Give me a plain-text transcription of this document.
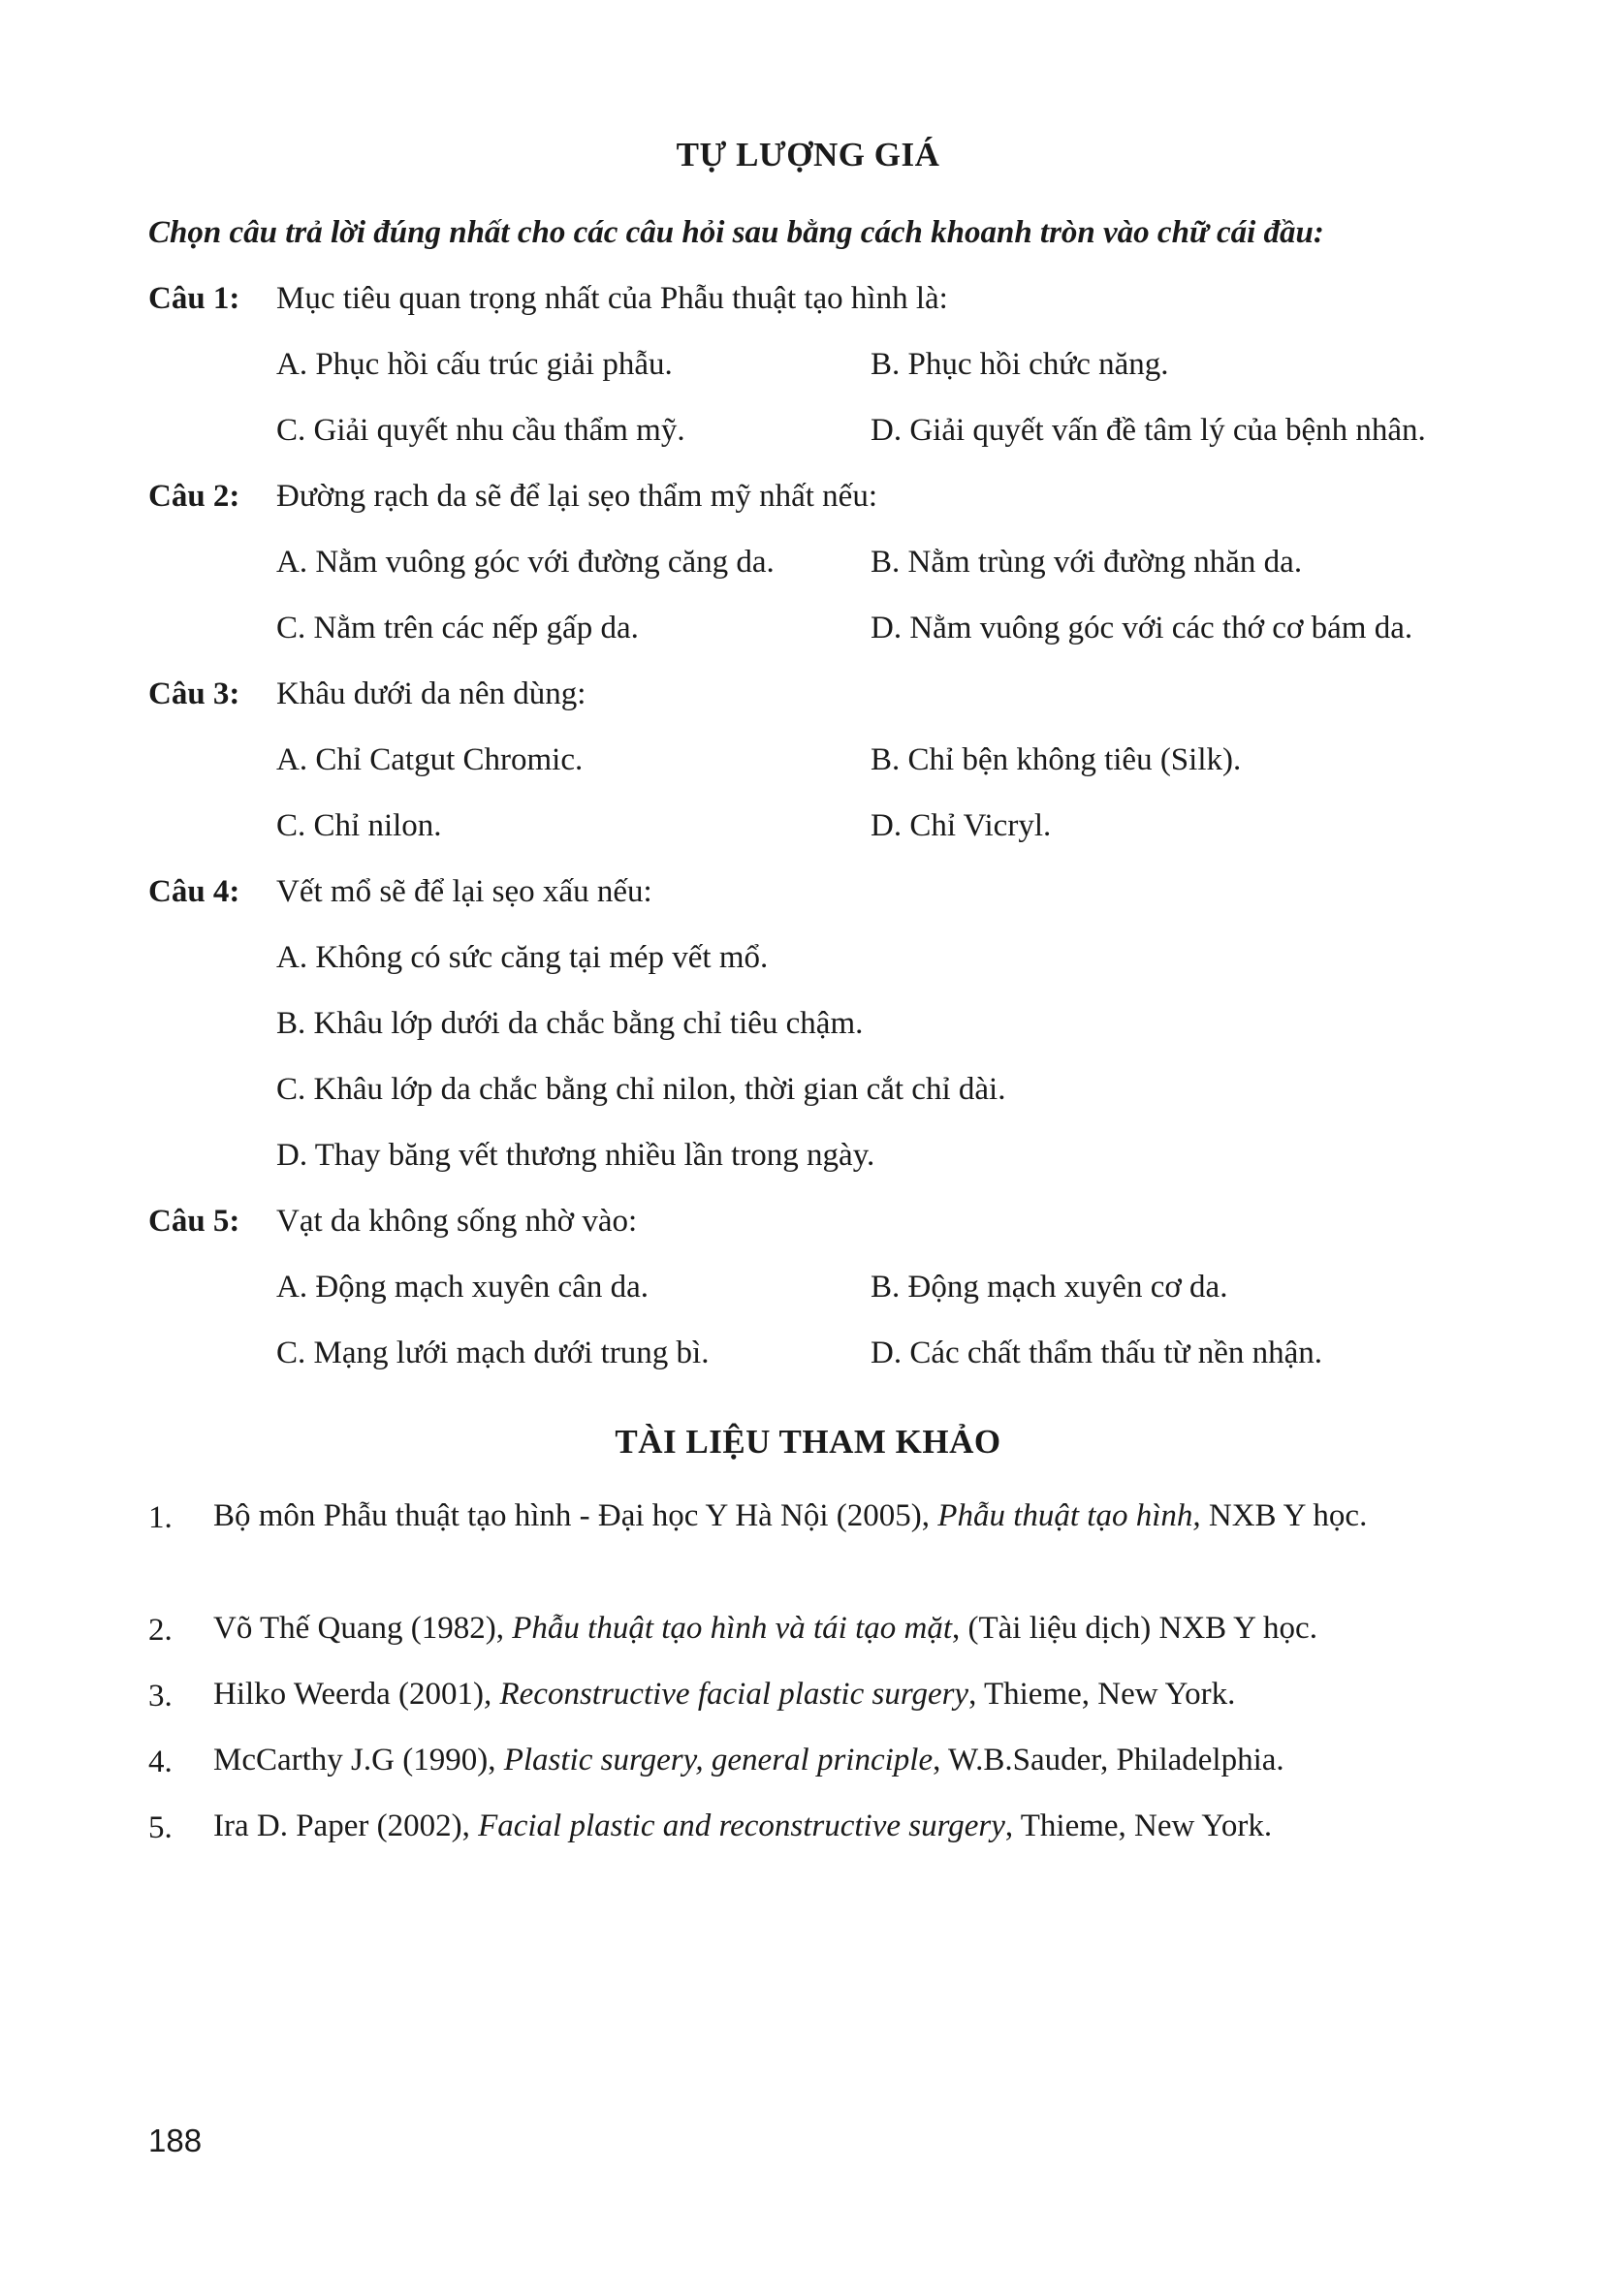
TỰ LƯỢNG GIÁ
Chọn câu trả lời đúng nhất cho các câu hỏi sau bằng cách khoanh tròn vào chữ cái đầu:
Câu 1: Mục tiêu quan trọng nhất của Phẫu thuật tạo hình là:
A. Phục hồi cấu trúc giải phẫu.	B. Phục hồi chức năng.
C. Giải quyết nhu cầu thẩm mỹ.	D. Giải quyết vấn đề tâm lý của bệnh nhân.
Câu 2: Đường rạch da sẽ để lại sẹo thẩm mỹ nhất nếu:
A. Nằm vuông góc với đường căng da.	B. Nằm trùng với đường nhăn da.
C. Nằm trên các nếp gấp da.	D. Nằm vuông góc với các thớ cơ bám da.
Câu 3: Khâu dưới da nên dùng:
A. Chỉ Catgut Chromic.	B. Chỉ bện không tiêu (Silk).
C. Chỉ nilon.	D. Chỉ Vicryl.
Câu 4: Vết mổ sẽ để lại sẹo xấu nếu:
A. Không có sức căng tại mép vết mổ.
B. Khâu lớp dưới da chắc bằng chỉ tiêu chậm.
C. Khâu lớp da chắc bằng chỉ nilon, thời gian cắt chỉ dài.
D. Thay băng vết thương nhiều lần trong ngày.
Câu 5: Vạt da không sống nhờ vào:
A. Động mạch xuyên cân da.	B. Động mạch xuyên cơ da.
C. Mạng lưới mạch dưới trung bì.	D. Các chất thẩm thấu từ nền nhận.
TÀI LIỆU THAM KHẢO
1. Bộ môn Phẫu thuật tạo hình - Đại học Y Hà Nội (2005), Phẫu thuật tạo hình, NXB Y học.
2. Võ Thế Quang (1982), Phẫu thuật tạo hình và tái tạo mặt, (Tài liệu dịch) NXB Y học.
3. Hilko Weerda (2001), Reconstructive facial plastic surgery, Thieme, New York.
4. McCarthy J.G (1990), Plastic surgery, general principle, W.B.Sauder, Philadelphia.
5. Ira D. Paper (2002), Facial plastic and reconstructive surgery, Thieme, New York.
188
